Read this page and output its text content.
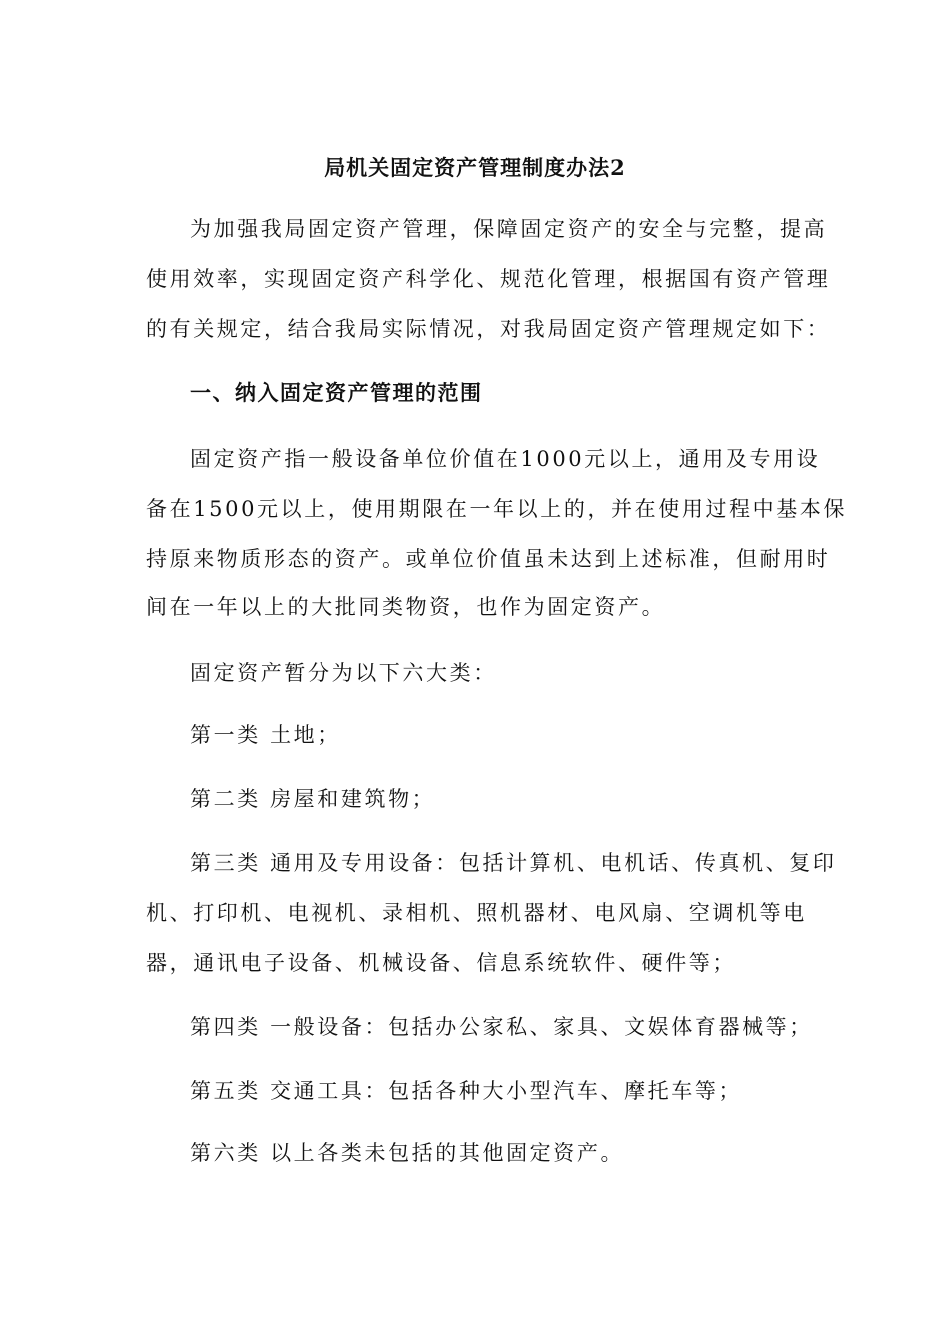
局机关固定资产管理制度办法2
为加强我局固定资产管理，保障固定资产的安全与完整，提高
使用效率，实现固定资产科学化、规范化管理，根据国有资产管理
的有关规定，结合我局实际情况，对我局固定资产管理规定如下：
一、纳入固定资产管理的范围
固定资产指一般设备单位价值在1000元以上，通用及专用设
备在1500元以上，使用期限在一年以上的，并在使用过程中基本保
持原来物质形态的资产。或单位价值虽未达到上述标准，但耐用时
间在一年以上的大批同类物资，也作为固定资产。
固定资产暂分为以下六大类：
第一类 土地；
第二类 房屋和建筑物；
第三类 通用及专用设备：包括计算机、电机话、传真机、复印
机、打印机、电视机、录相机、照机器材、电风扇、空调机等电
器，通讯电子设备、机械设备、信息系统软件、硬件等；
第四类 一般设备：包括办公家私、家具、文娱体育器械等；
第五类 交通工具：包括各种大小型汽车、摩托车等；
第六类 以上各类未包括的其他固定资产。
